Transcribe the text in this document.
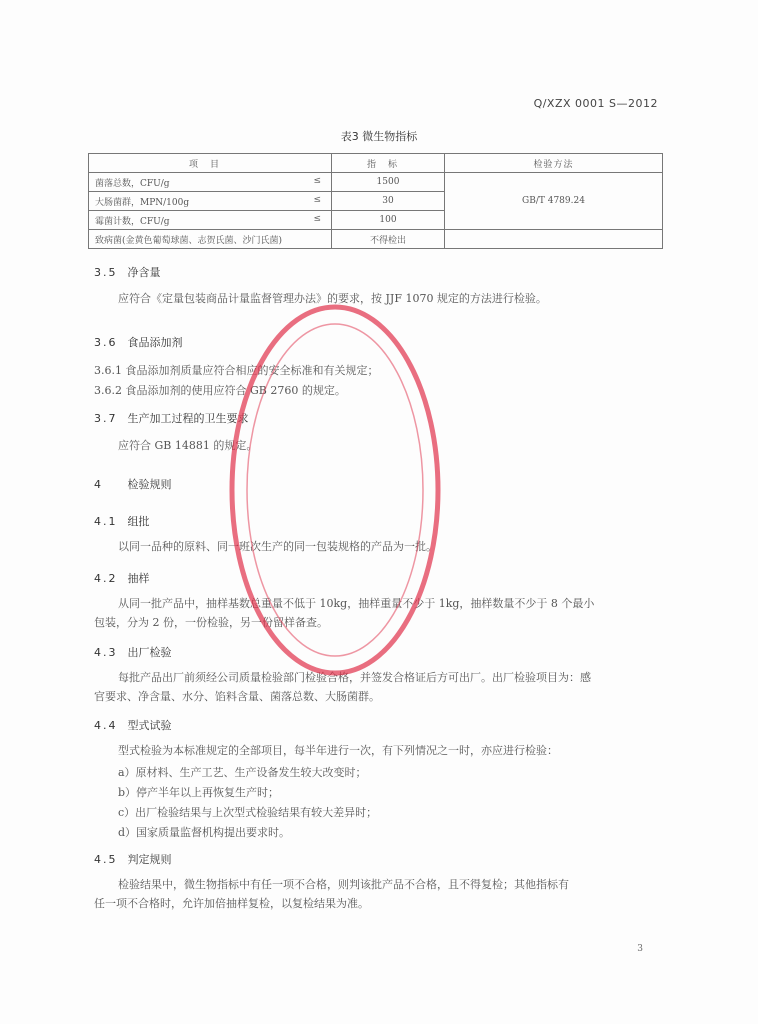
Q/XZX 0001 S—2012
表3 微生物指标
项目	指标	检验方法
菌落总数，CFU/g ≤	1500	GB/T 4789.24
大肠菌群，MPN/100g ≤	30	
霉菌计数，CFU/g ≤	100	
致病菌(金黄色葡萄球菌、志贺氏菌、沙门氏菌)	不得检出	
3.5 净含量
应符合《定量包装商品计量监督管理办法》的要求，按 JJF 1070 规定的方法进行检验。
3.6 食品添加剂
3.6.1 食品添加剂质量应符合相应的安全标准和有关规定；
3.6.2 食品添加剂的使用应符合 GB 2760 的规定。
3.7 生产加工过程的卫生要求
应符合 GB 14881 的规定。
4 检验规则
4.1 组批
以同一品种的原料、同一班次生产的同一包装规格的产品为一批。
4.2 抽样
从同一批产品中，抽样基数总重量不低于 10kg，抽样重量不少于 1kg，抽样数量不少于 8 个最小
包装，分为 2 份，一份检验，另一份留样备查。
4.3 出厂检验
每批产品出厂前须经公司质量检验部门检验合格，并签发合格证后方可出厂。出厂检验项目为：感
官要求、净含量、水分、馅料含量、菌落总数、大肠菌群。
4.4 型式试验
型式检验为本标准规定的全部项目，每半年进行一次，有下列情况之一时，亦应进行检验：
a）原材料、生产工艺、生产设备发生较大改变时；
b）停产半年以上再恢复生产时；
c）出厂检验结果与上次型式检验结果有较大差异时；
d）国家质量监督机构提出要求时。
4.5 判定规则
检验结果中，微生物指标中有任一项不合格，则判该批产品不合格，且不得复检；其他指标有
任一项不合格时，允许加倍抽样复检，以复检结果为准。
3
